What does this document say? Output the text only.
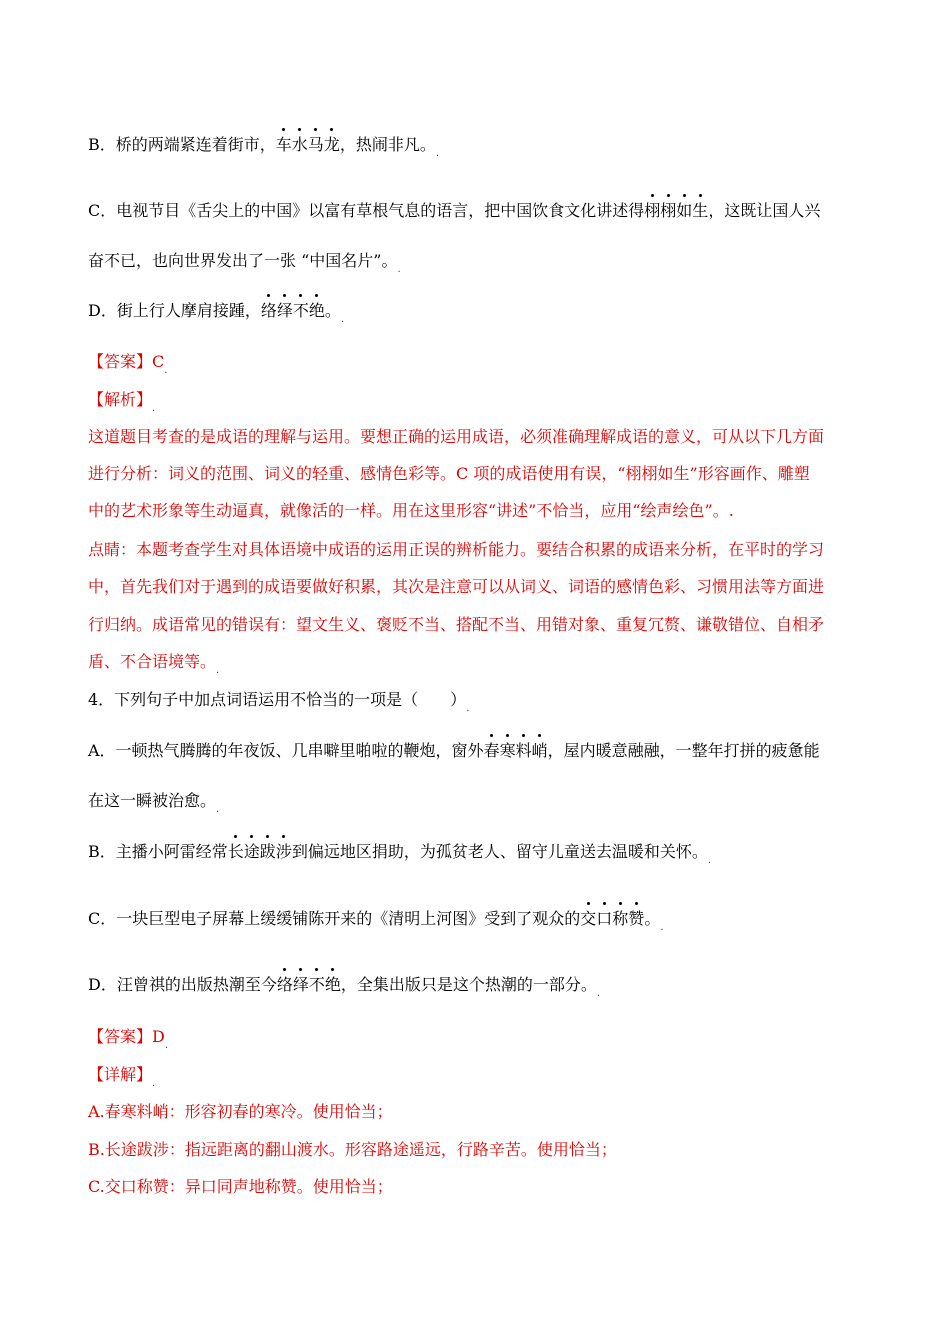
B．桥的两端紧连着街市，车水马龙，热闹非凡。$_.$
C．电视节目《舌尖上的中国》以富有草根气息的语言，把中国饮食文化讲述得栩栩如生，这既让国人兴
奋不已，也向世界发出了一张 “中国名片”。$_.$
D．街上行人摩肩接踵，络绎不绝。$_.$
【答案】$C_.$
【解析】$_.$
这道题目考查的是成语的理解与运用。要想正确的运用成语，必须准确理解成语的意义，可从以下几方面
进行分析：词义的范围、词义的轻重、感情色彩等。C 项的成语使用有误，“栩栩如生”形容画作、雕塑
中的艺术形象等生动逼真，就像活的一样。用在这里形容“讲述”不恰当，应用“绘声绘色”。.
点睛：本题考查学生对具体语境中成语的运用正误的辨析能力。要结合积累的成语来分析，在平时的学习
中，首先我们对于遇到的成语要做好积累，其次是注意可以从词义、词语的感情色彩、习惯用法等方面进
行归纳。成语常见的错误有：望文生义、褒贬不当、搭配不当、用错对象、重复冗赘、谦敬错位、自相矛
盾、不合语境等。$_.$
4．下列句子中加点词语运用不恰当的一项是（　　）$_.$
A．一顿热气腾腾的年夜饭、几串噼里啪啦的鞭炮，窗外春寒料峭，屋内暖意融融，一整年打拼的疲惫能
在这一瞬被治愈。$_.$
B．主播小阿雷经常长途跋涉到偏远地区捐助，为孤贫老人、留守儿童送去温暖和关怀。$_.$
C．一块巨型电子屏幕上缓缓铺陈开来的《清明上河图》受到了观众的交口称赞。$_.$
D．汪曾祺的出版热潮至今络绎不绝，全集出版只是这个热潮的一部分。$_.$
【答案】$D_.$
【详解】$_.$
A.春寒料峭：形容初春的寒冷。使用恰当；
B.长途跋涉：指远距离的翻山渡水。形容路途遥远，行路辛苦。使用恰当；
C.交口称赞：异口同声地称赞。使用恰当；
